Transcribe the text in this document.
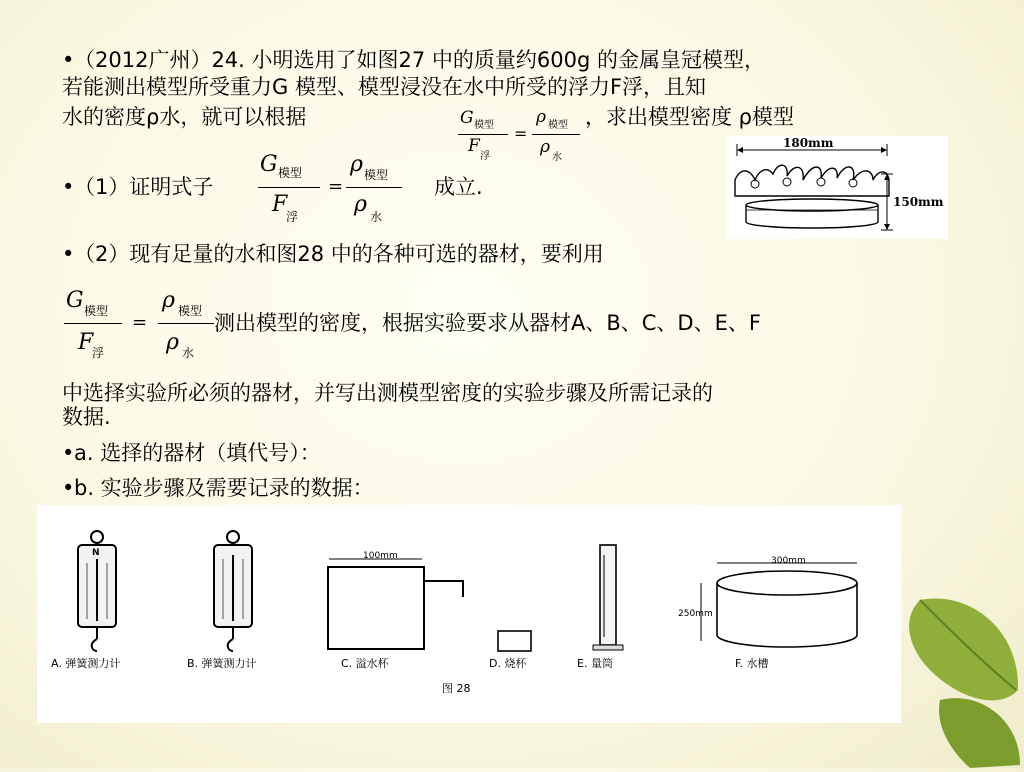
•（2012广州）24. 小明选用了如图27 中的质量约600g 的金属皇冠模型，
若能测出模型所受重力G 模型、模型浸没在水中所受的浮力F浮，且知
水的密度ρ水，就可以根据	，求出模型密度 ρ模型
G 模型
F
浮
=
ρ 模型
ρ
水
•（1）证明式子
G 模型
F
浮
=
ρ 模型
ρ 水
成立.
180mm
150mm
•（2）现有足量的水和图28 中的各种可选的器材，要利用
G 模型
F
浮
=
ρ 模型
ρ 水
测出模型的密度，根据实验要求从器材A、B、C、D、E、F
中选择实验所必须的器材，并写出测模型密度的实验步骤及所需记录的
数据.
•a. 选择的器材（填代号）：
•b. 实验步骤及需要记录的数据：
N
A. 弹簧测力计	B. 弹簧测力计
100mm
C. 溢水杯	D. 烧杯	E. 量筒
300mm
250mm
F. 水槽
图 28
